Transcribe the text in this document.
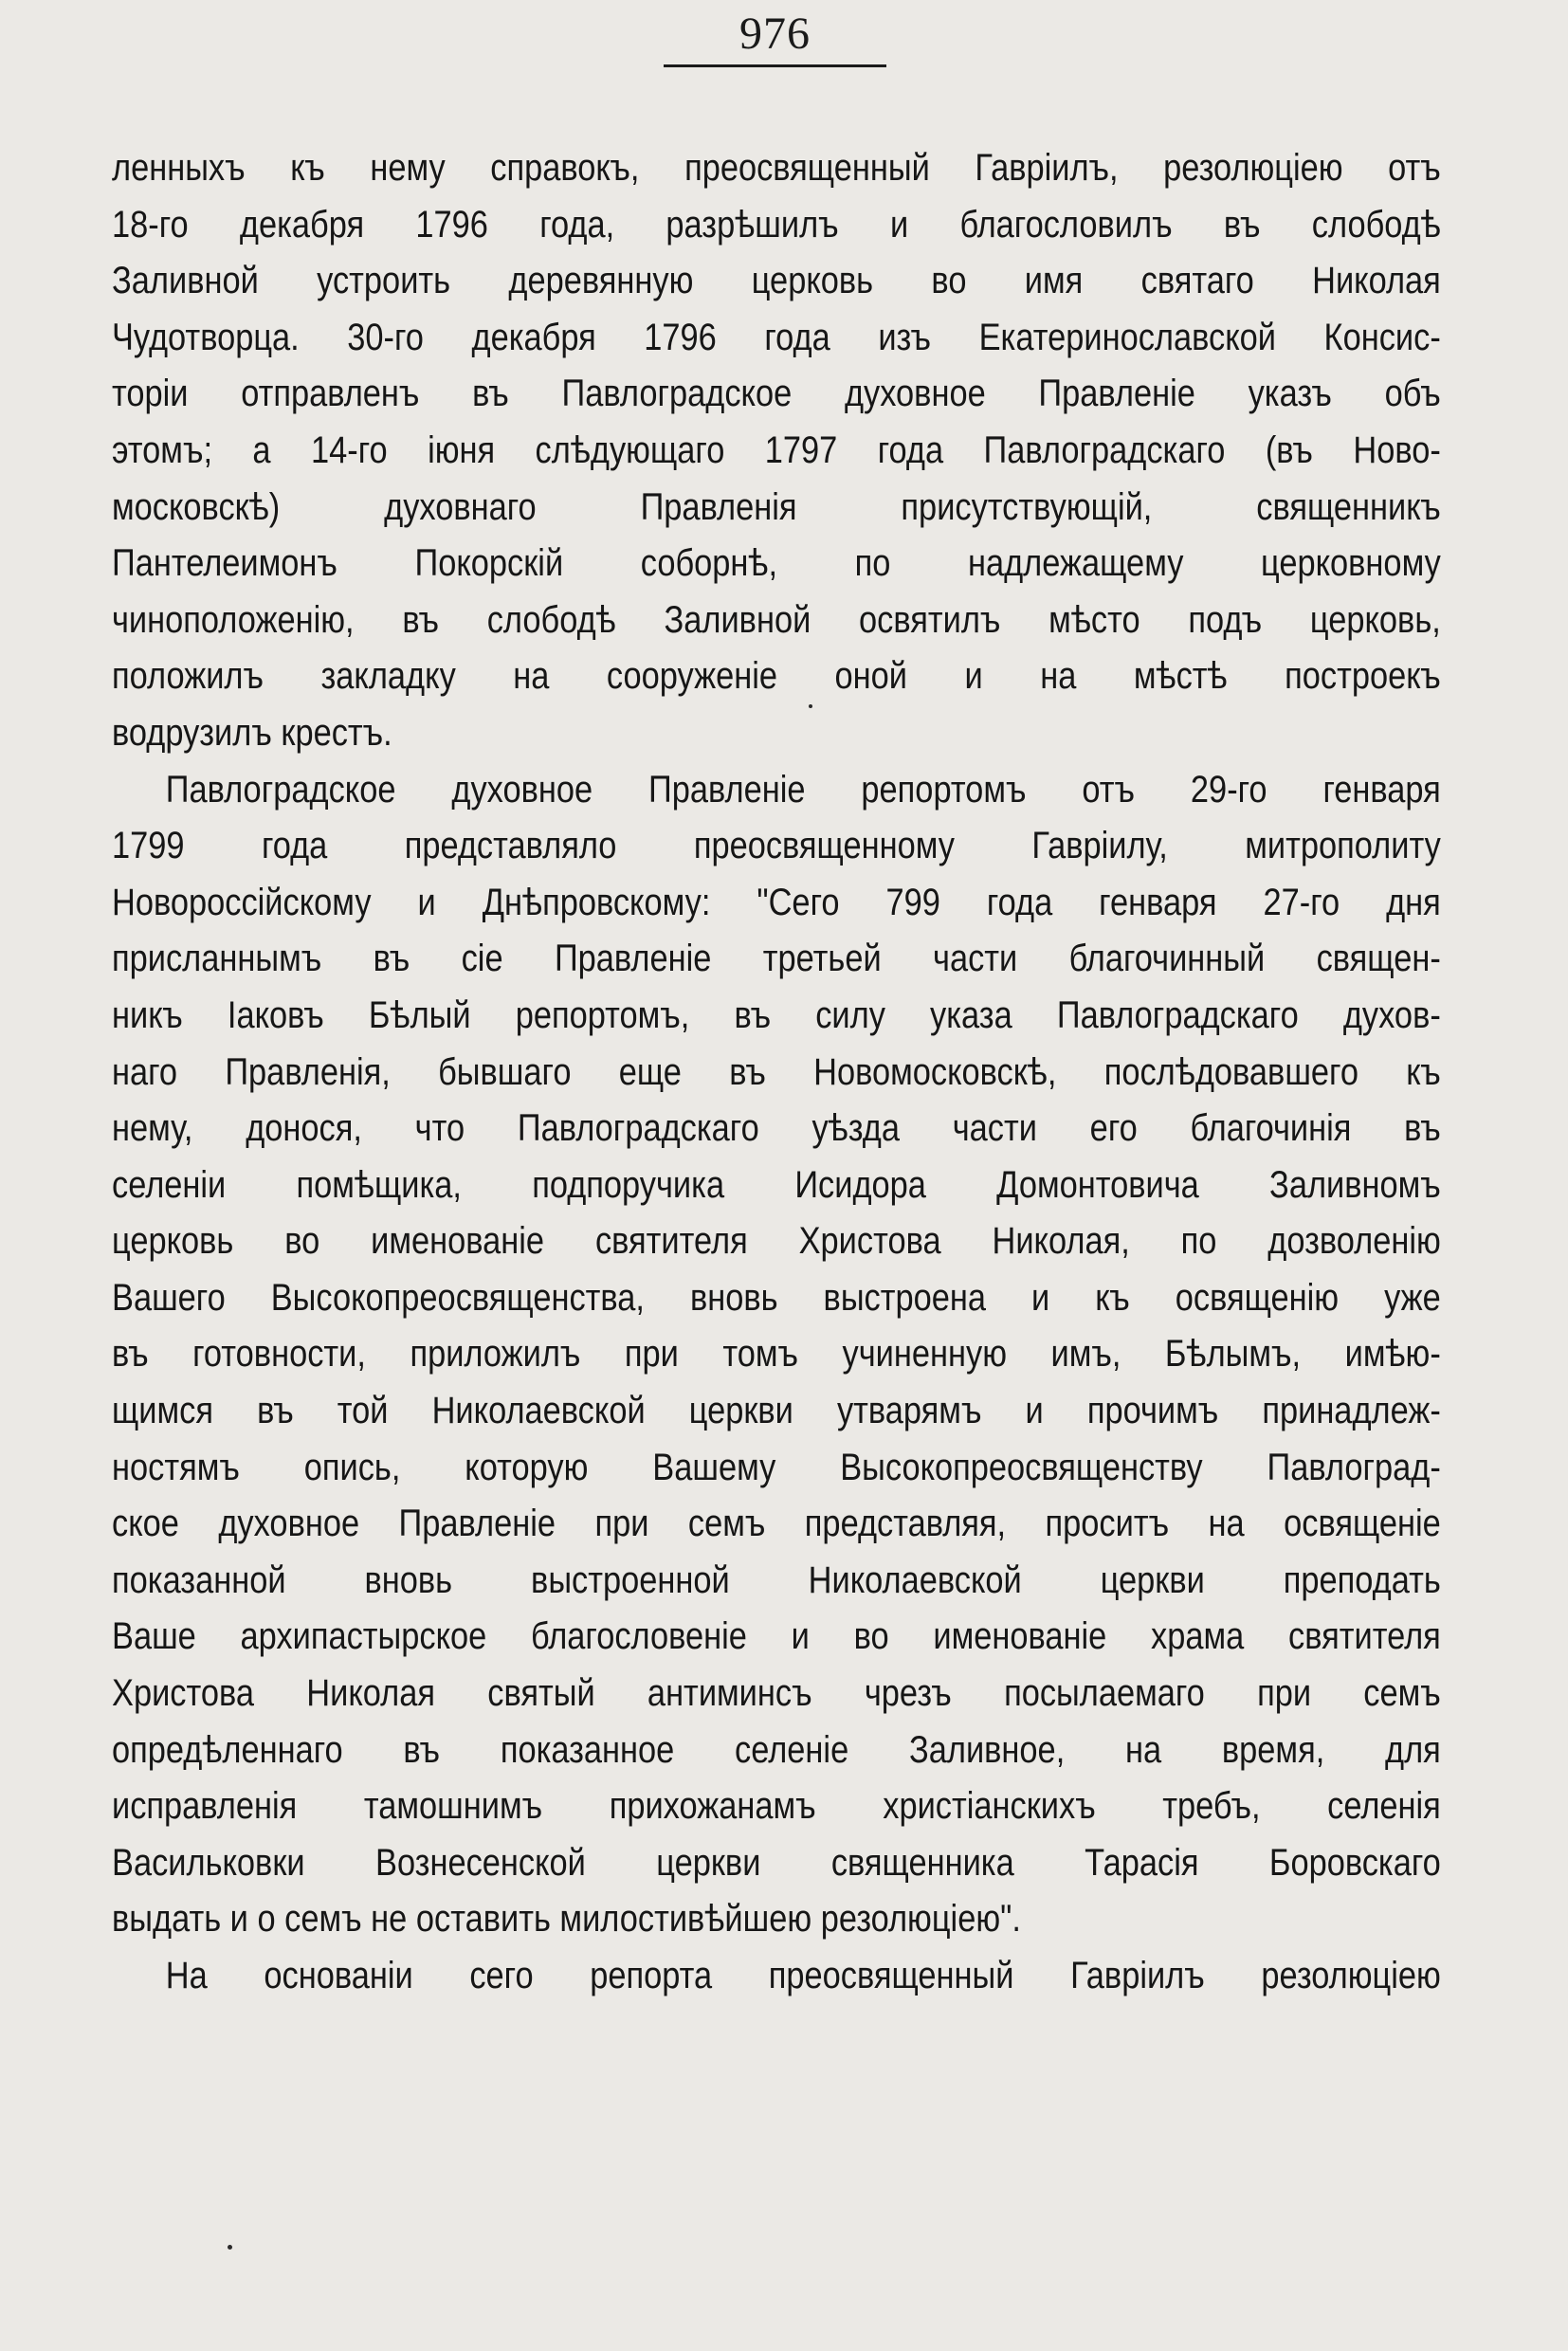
976
ленныхъ къ нему справокъ, преосвященный Гавріилъ, резолюціею отъ
18-го декабря 1796 года, разрѣшилъ и благословилъ въ слободѣ
Заливной устроить деревянную церковь во имя святаго Николая
Чудотворца. 30-го декабря 1796 года изъ Екатеринославской Консис-
торіи отправленъ въ Павлоградское духовное Правленіе указъ объ
этомъ; а 14-го іюня слѣдующаго 1797 года Павлоградскаго (въ Ново-
московскѣ) духовнаго Правленія присутствующій, священникъ
Пантелеимонъ Покорскій соборнѣ, по надлежащему церковному
чиноположенію, въ слободѣ Заливной освятилъ мѣсто подъ церковь,
положилъ закладку на сооруженіе оной и на мѣстѣ построекъ
водрузилъ крестъ.
Павлоградское духовное Правленіе репортомъ отъ 29-го генваря
1799 года представляло преосвященному Гавріилу, митрополиту
Новороссійскому и Днѣпровскому: "Сего 799 года генваря 27-го дня
присланнымъ въ сіе Правленіе третьей части благочинный священ-
никъ Іаковъ Бѣлый репортомъ, въ силу указа Павлоградскаго духов-
наго Правленія, бывшаго еще въ Новомосковскѣ, послѣдовавшего къ
нему, донося, что Павлоградскаго уѣзда части его благочинія въ
селеніи помѣщика, подпоручика Исидора Домонтовича Заливномъ
церковь во именованіе святителя Христова Николая, по дозволенію
Вашего Высокопреосвященства, вновь выстроена и къ освященію уже
въ готовности, приложилъ при томъ учиненную имъ, Бѣлымъ, имѣю-
щимся въ той Николаевской церкви утварямъ и прочимъ принадлеж-
ностямъ опись, которую Вашему Высокопреосвященству Павлоград-
ское духовное Правленіе при семъ представляя, проситъ на освященіе
показанной вновь выстроенной Николаевской церкви преподать
Ваше архипастырское благословеніе и во именованіе храма святителя
Христова Николая святый антиминсъ чрезъ посылаемаго при семъ
опредѣленнаго въ показанное селеніе Заливное, на время, для
исправленія тамошнимъ прихожанамъ христіанскихъ требъ, селенія
Васильковки Вознесенской церкви священника Тарасія Боровскаго
выдать и о семъ не оставить милостивѣйшею резолюціею".
На основаніи сего репорта преосвященный Гавріилъ резолюціею
